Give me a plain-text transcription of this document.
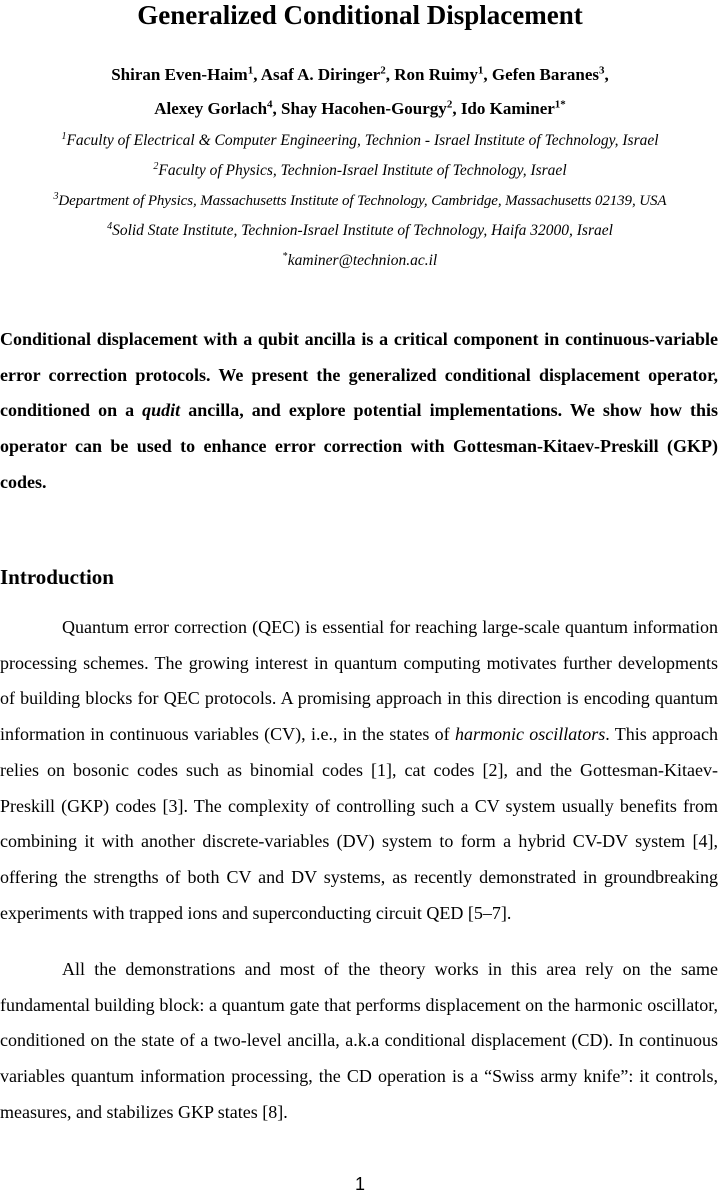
Generalized Conditional Displacement
Shiran Even-Haim$^1$, Asaf A. Diringer$^2$, Ron Ruimy$^1$, Gefen Baranes$^3$,
Alexey Gorlach$^4$, Shay Hacohen-Gourgy$^2$, Ido Kaminer$^{1*}$
$^1$Faculty of Electrical & Computer Engineering, Technion - Israel Institute of Technology, Israel
$^2$Faculty of Physics, Technion-Israel Institute of Technology, Israel
$^3$Department of Physics, Massachusetts Institute of Technology, Cambridge, Massachusetts 02139, USA
$^4$Solid State Institute, Technion-Israel Institute of Technology, Haifa 32000, Israel
*kaminer@technion.ac.il
Conditional displacement with a qubit ancilla is a critical component in continuous-variable error correction protocols. We present the generalized conditional displacement operator, conditioned on a qudit ancilla, and explore potential implementations. We show how this operator can be used to enhance error correction with Gottesman-Kitaev-Preskill (GKP) codes.
Introduction

Quantum error correction (QEC) is essential for reaching large-scale quantum information processing schemes. The growing interest in quantum computing motivates further developments of building blocks for QEC protocols. A promising approach in this direction is encoding quantum information in continuous variables (CV), i.e., in the states of harmonic oscillators. This approach relies on bosonic codes such as binomial codes [1], cat codes [2], and the Gottesman-Kitaev-Preskill (GKP) codes [3]. The complexity of controlling such a CV system usually benefits from combining it with another discrete-variables (DV) system to form a hybrid CV-DV system [4], offering the strengths of both CV and DV systems, as recently demonstrated in groundbreaking experiments with trapped ions and superconducting circuit QED [5–7].

All the demonstrations and most of the theory works in this area rely on the same fundamental building block: a quantum gate that performs displacement on the harmonic oscillator, conditioned on the state of a two-level ancilla, a.k.a conditional displacement (CD). In continuous variables quantum information processing, the CD operation is a “Swiss army knife”: it controls, measures, and stabilizes GKP states [8].

1
